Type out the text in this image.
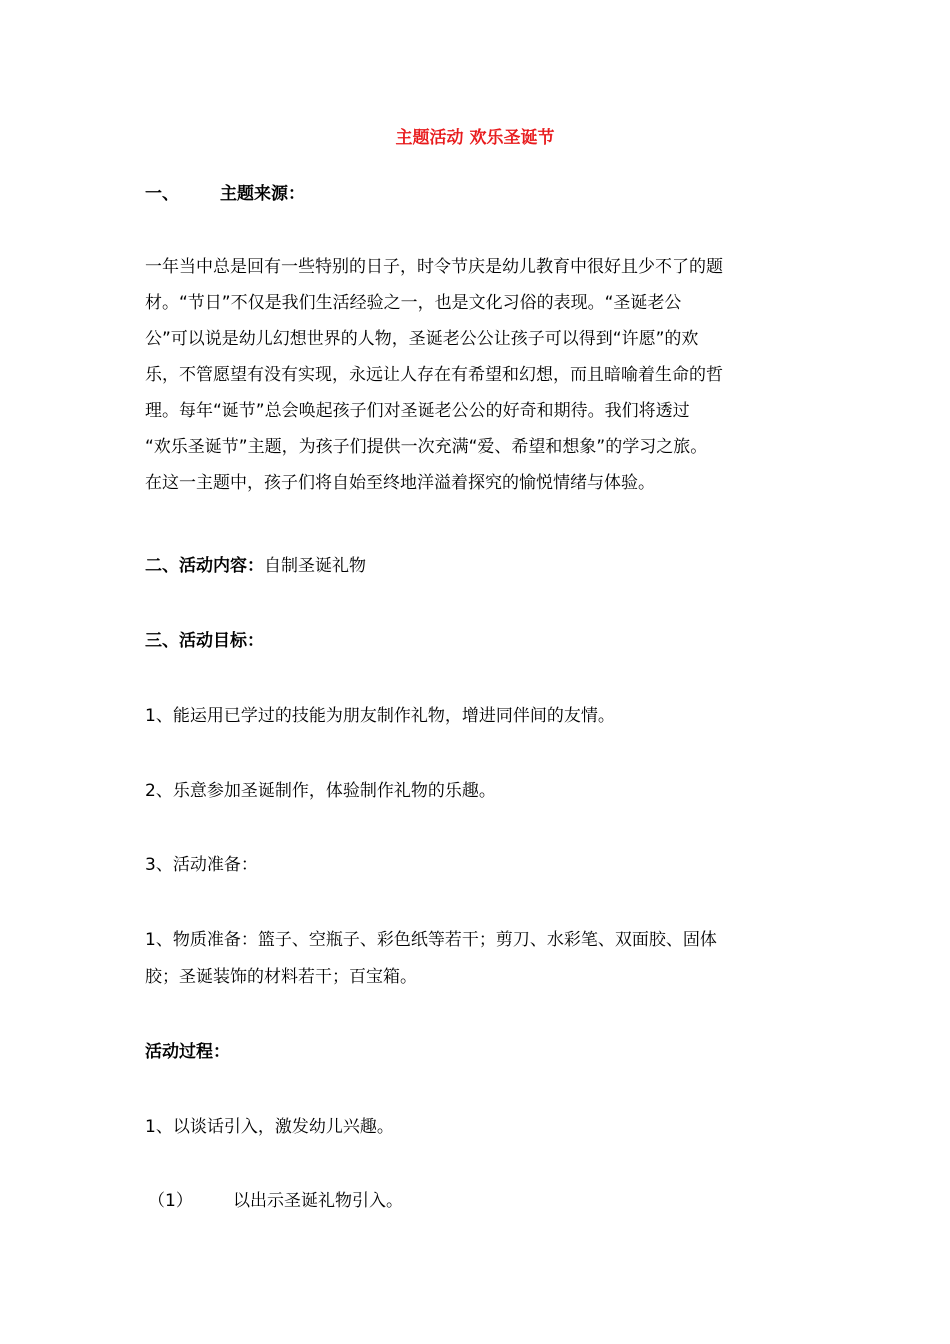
主题活动 欢乐圣诞节
一、 主题来源：
一年当中总是回有一些特别的日子，时令节庆是幼儿教育中很好且少不了的题
材。“节日”不仅是我们生活经验之一，也是文化习俗的表现。“圣诞老公
公”可以说是幼儿幻想世界的人物，圣诞老公公让孩子可以得到“许愿”的欢
乐，不管愿望有没有实现，永远让人存在有希望和幻想，而且暗喻着生命的哲
理。每年“诞节”总会唤起孩子们对圣诞老公公的好奇和期待。我们将透过
“欢乐圣诞节”主题，为孩子们提供一次充满“爱、希望和想象”的学习之旅。
在这一主题中，孩子们将自始至终地洋溢着探究的愉悦情绪与体验。
二、活动内容：自制圣诞礼物
三、活动目标：
1、能运用已学过的技能为朋友制作礼物，增进同伴间的友情。
2、乐意参加圣诞制作，体验制作礼物的乐趣。
3、活动准备：
1、物质准备：篮子、空瓶子、彩色纸等若干；剪刀、水彩笔、双面胶、固体
胶；圣诞装饰的材料若干；百宝箱。
活动过程：
1、以谈话引入，激发幼儿兴趣。
（1） 以出示圣诞礼物引入。
